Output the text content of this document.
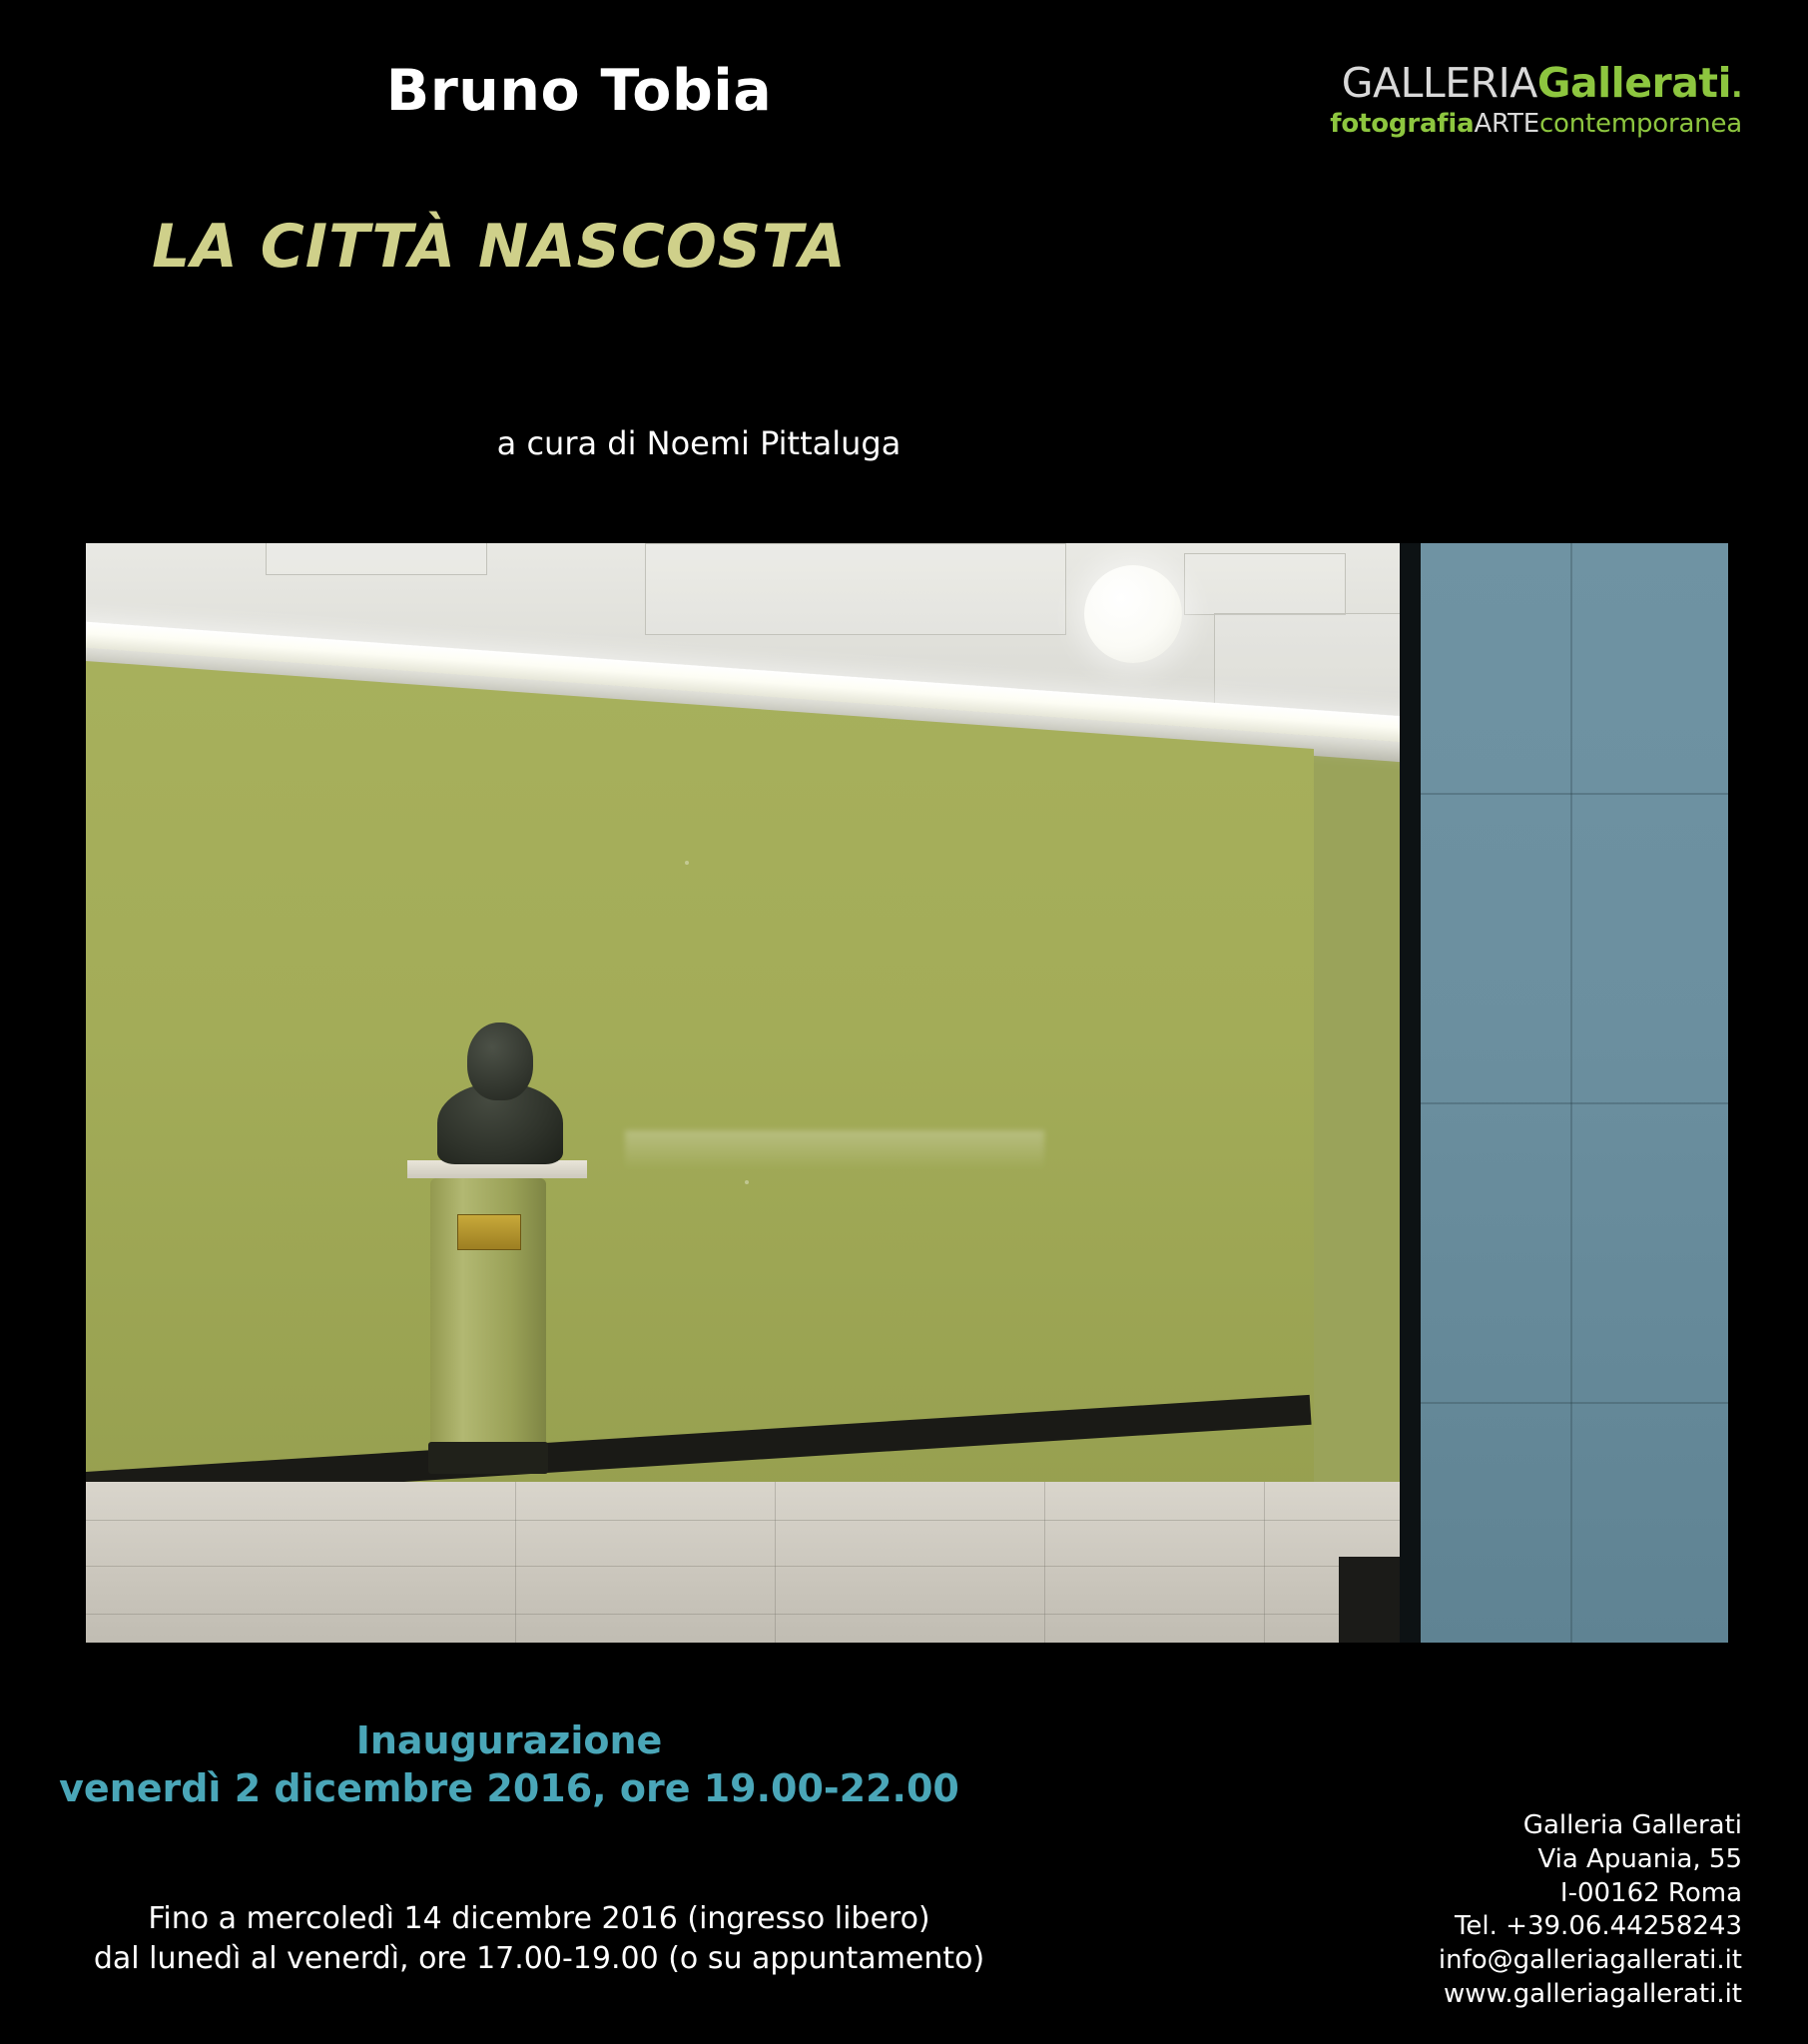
Bruno Tobia	GALLERIAGallerati.
fotografiaARTEcontemporanea
LA CITTÀ NASCOSTA
a cura di Noemi Pittaluga
Inaugurazione
venerdì 2 dicembre 2016, ore 19.00-22.00
Fino a mercoledì 14 dicembre 2016 (ingresso libero)
dal lunedì al venerdì, ore 17.00-19.00 (o su appuntamento)
Galleria Gallerati
Via Apuania, 55
I-00162 Roma
Tel. +39.06.44258243
info@galleriagallerati.it
www.galleriagallerati.it
